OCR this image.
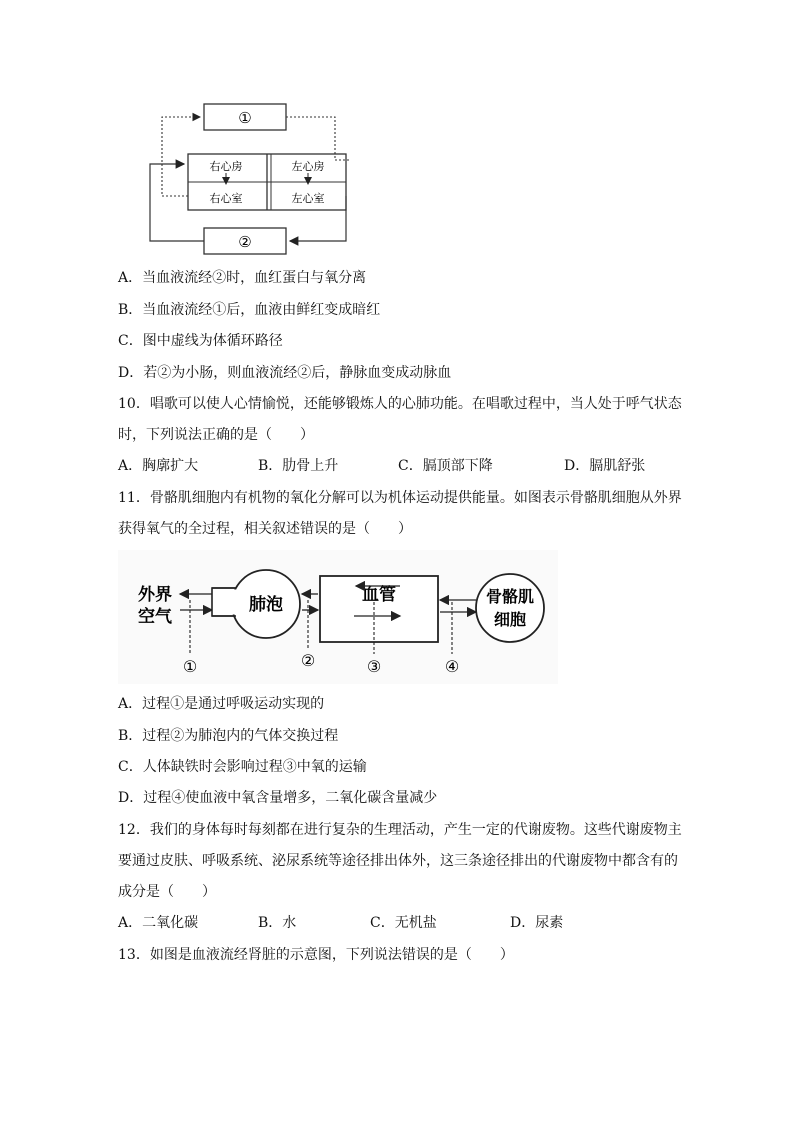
①
右心房	左心房
右心室	左心室
②
A．当血液流经②时，血红蛋白与氧分离
B．当血液流经①后，血液由鲜红变成暗红
C．图中虚线为体循环路径
D．若②为小肠，则血液流经②后，静脉血变成动脉血
10．唱歌可以使人心情愉悦，还能够锻炼人的心肺功能。在唱歌过程中，当人处于呼气状态
时，下列说法正确的是（　　）
A．胸廓扩大	B．肋骨上升	C．膈顶部下降	D．膈肌舒张
11．骨骼肌细胞内有机物的氧化分解可以为机体运动提供能量。如图表示骨骼肌细胞从外界
获得氧气的全过程，相关叙述错误的是（　　）
外界
空气
肺泡	血管	骨骼肌
细胞
①	②	③	④
A．过程①是通过呼吸运动实现的
B．过程②为肺泡内的气体交换过程
C．人体缺铁时会影响过程③中氧的运输
D．过程④使血液中氧含量增多，二氧化碳含量减少
12．我们的身体每时每刻都在进行复杂的生理活动，产生一定的代谢废物。这些代谢废物主
要通过皮肤、呼吸系统、泌尿系统等途径排出体外，这三条途径排出的代谢废物中都含有的
成分是（　　）
A．二氧化碳	B．水	C．无机盐	D．尿素
13．如图是血液流经肾脏的示意图，下列说法错误的是（　　）
